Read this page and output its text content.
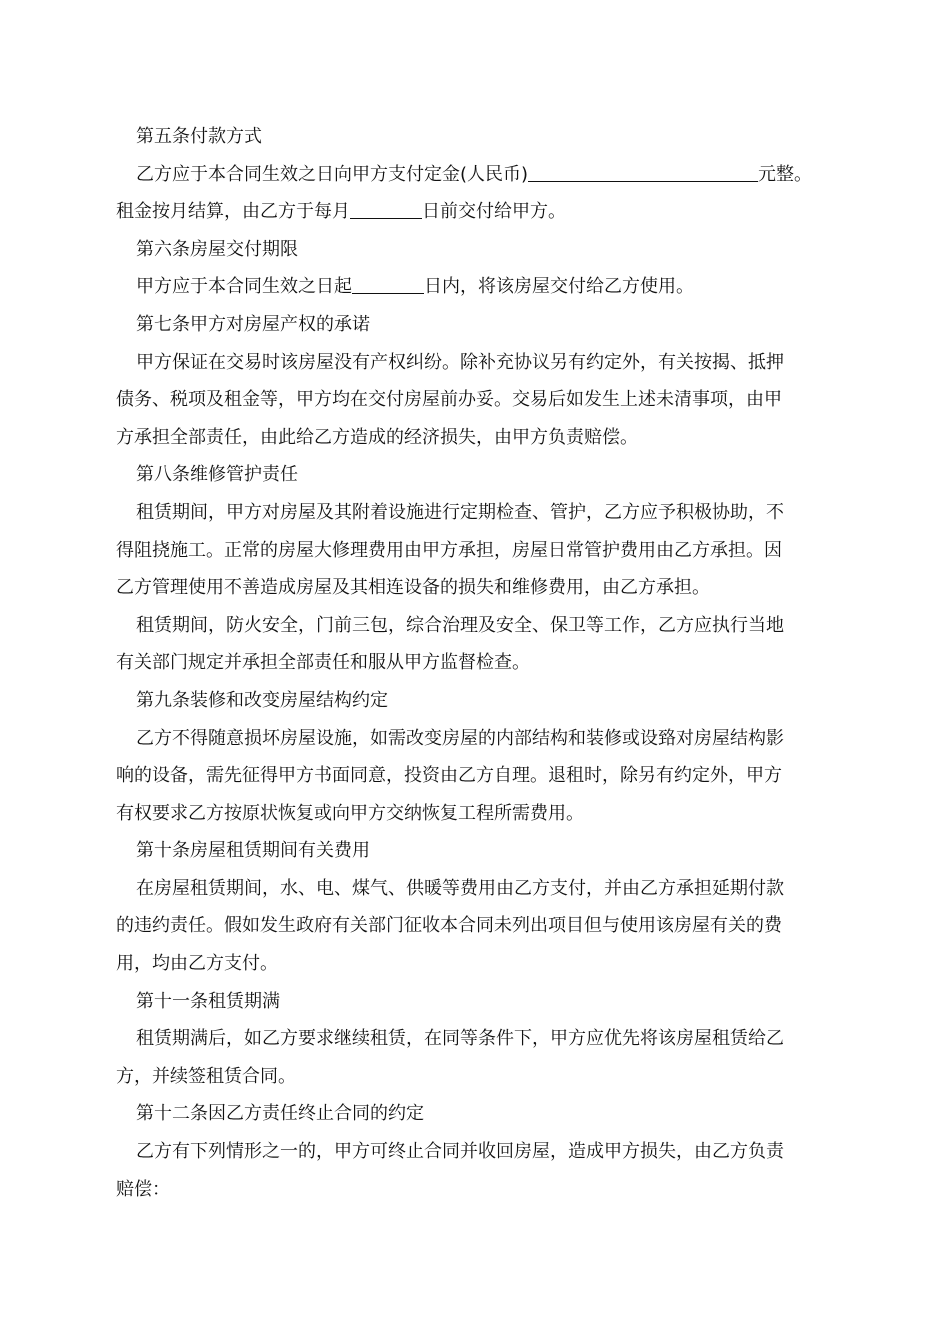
第五条付款方式
乙方应于本合同生效之日向甲方支付定金(人民币)	元整。
租金按月结算，由乙方于每月	日前交付给甲方。
第六条房屋交付期限
甲方应于本合同生效之日起	日内，将该房屋交付给乙方使用。
第七条甲方对房屋产权的承诺
甲方保证在交易时该房屋没有产权纠纷。除补充协议另有约定外，有关按揭、抵押
债务、税项及租金等，甲方均在交付房屋前办妥。交易后如发生上述未清事项，由甲
方承担全部责任，由此给乙方造成的经济损失，由甲方负责赔偿。
第八条维修管护责任
租赁期间，甲方对房屋及其附着设施进行定期检查、管护，乙方应予积极协助，不
得阻挠施工。正常的房屋大修理费用由甲方承担，房屋日常管护费用由乙方承担。因
乙方管理使用不善造成房屋及其相连设备的损失和维修费用，由乙方承担。
租赁期间，防火安全，门前三包，综合治理及安全、保卫等工作，乙方应执行当地
有关部门规定并承担全部责任和服从甲方监督检查。
第九条装修和改变房屋结构约定
乙方不得随意损坏房屋设施，如需改变房屋的内部结构和装修或设臵对房屋结构影
响的设备，需先征得甲方书面同意，投资由乙方自理。退租时，除另有约定外，甲方
有权要求乙方按原状恢复或向甲方交纳恢复工程所需费用。
第十条房屋租赁期间有关费用
在房屋租赁期间，水、电、煤气、供暖等费用由乙方支付，并由乙方承担延期付款
的违约责任。假如发生政府有关部门征收本合同未列出项目但与使用该房屋有关的费
用，均由乙方支付。
第十一条租赁期满
租赁期满后，如乙方要求继续租赁，在同等条件下，甲方应优先将该房屋租赁给乙
方，并续签租赁合同。
第十二条因乙方责任终止合同的约定
乙方有下列情形之一的，甲方可终止合同并收回房屋，造成甲方损失，由乙方负责
赔偿：
